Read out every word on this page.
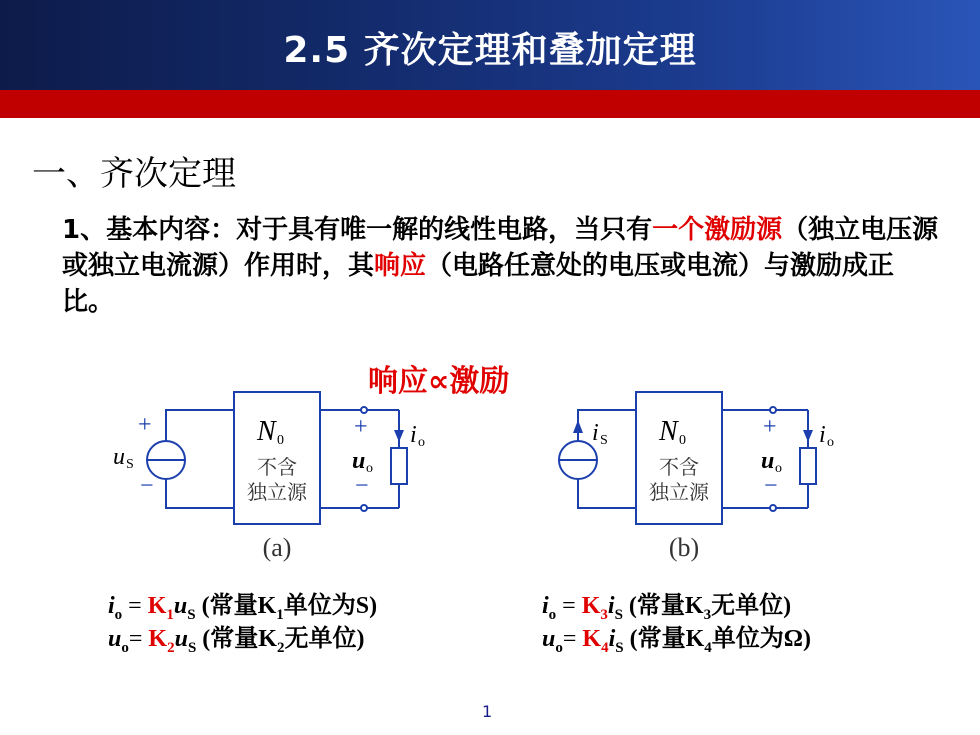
2.5 齐次定理和叠加定理
一、齐次定理
1、基本内容：对于具有唯一解的线性电路，当只有一个激励源（独立电压源或独立电流源）作用时，其响应（电路任意处的电压或电流）与激励成正比。
响应∝激励
+
−
u S
N 0
不含
独立源
+
−
u o
i o
(a)
i S N 0
不含
独立源
+
−
u o
i o
(b)
$i_o = K_1u_S$ (常量$K_1$单位为S)
$u_o= K_2u_S$ (常量$K_2$无单位)
$i_o = K_3i_S$ (常量$K_3$无单位)
$u_o= K_4i_S$ (常量$K_4$单位为Ω)
1
